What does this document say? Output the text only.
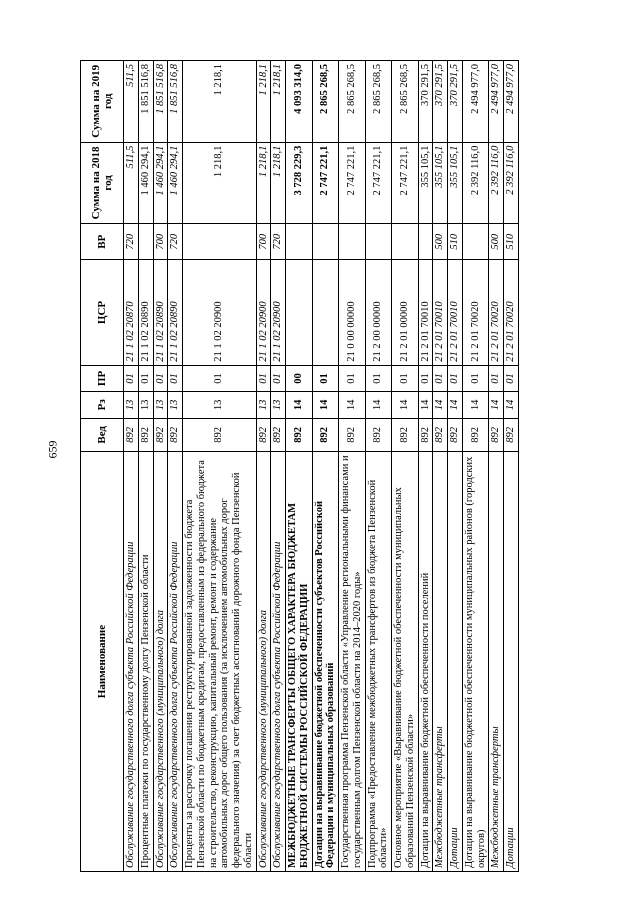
659
Наименование	Вед	Рз	ПР	ЦСР	ВР	Сумма на 2018 год	Сумма на 2019 год
Обслуживание государственного долга субъекта Российской Федерации	892	13	01	21 1 02 20870	720	511,5	511,5
Процентные платежи по государственному долгу Пензенской области	892	13	01	21 1 02 20890		1 460 294,1	1 851 516,8
Обслуживание государственного (муниципального) долга	892	13	01	21 1 02 20890	700	1 460 294,1	1 851 516,8
Обслуживание государственного долга субъекта Российской Федерации	892	13	01	21 1 02 20890	720	1 460 294,1	1 851 516,8
Проценты за рассрочку погашения реструктурированной задолженности бюджета Пензенской области по бюджетным кредитам, предоставленным из федерального бюджета на строительство, реконструкцию, капитальный ремонт, ремонт и содержание автомобильных дорог общего пользования (за исключением автомобильных дорог федерального значения) за счет бюджетных ассигнований дорожного фонда Пензенской области	892	13	01	21 1 02 20900		1 218,1	1 218,1
Обслуживание государственного (муниципального) долга	892	13	01	21 1 02 20900	700	1 218,1	1 218,1
Обслуживание государственного долга субъекта Российской Федерации	892	13	01	21 1 02 20900	720	1 218,1	1 218,1
МЕЖБЮДЖЕТНЫЕ ТРАНСФЕРТЫ ОБЩЕГО ХАРАКТЕРА БЮДЖЕТАМ БЮДЖЕТНОЙ СИСТЕМЫ РОССИЙСКОЙ ФЕДЕРАЦИИ	892	14	00			3 728 229,3	4 093 314,0
Дотации на выравнивание бюджетной обеспеченности субъектов Российской Федерации и муниципальных образований	892	14	01			2 747 221,1	2 865 268,5
Государственная программа Пензенской области «Управление региональными финансами и государственным долгом Пензенской области на 2014–2020 годы»	892	14	01	21 0 00 00000		2 747 221,1	2 865 268,5
Подпрограмма «Предоставление межбюджетных трансфертов из бюджета Пензенской области»	892	14	01	21 2 00 00000		2 747 221,1	2 865 268,5
Основное мероприятие «Выравнивание бюджетной обеспеченности муниципальных образований Пензенской области»	892	14	01	21 2 01 00000		2 747 221,1	2 865 268,5
Дотации на выравнивание бюджетной обеспеченности поселений	892	14	01	21 2 01 70010		355 105,1	370 291,5
Межбюджетные трансферты	892	14	01	21 2 01 70010	500	355 105,1	370 291,5
Дотации	892	14	01	21 2 01 70010	510	355 105,1	370 291,5
Дотации на выравнивание бюджетной обеспеченности муниципальных районов (городских округов)	892	14	01	21 2 01 70020		2 392 116,0	2 494 977,0
Межбюджетные трансферты	892	14	01	21 2 01 70020	500	2 392 116,0	2 494 977,0
Дотации	892	14	01	21 2 01 70020	510	2 392 116,0	2 494 977,0
